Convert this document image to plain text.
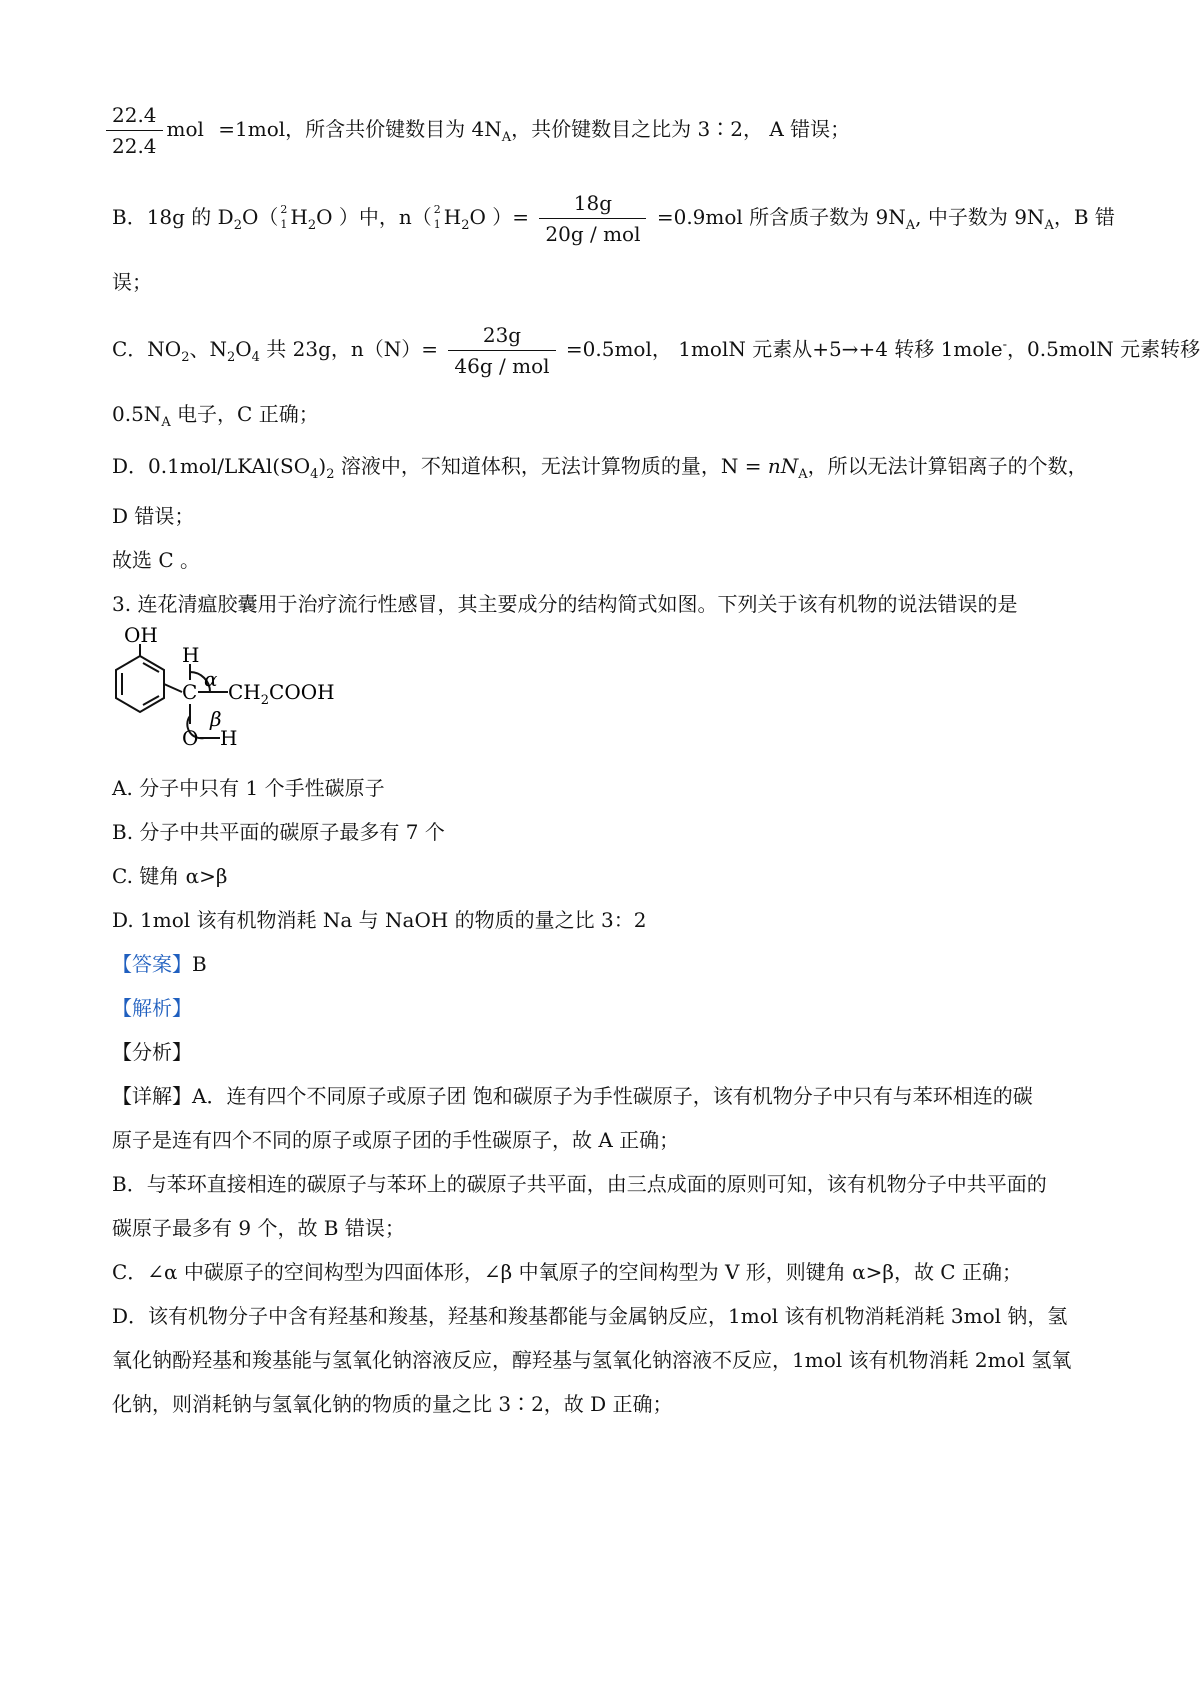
$\frac{22.4}{22.4}$ mol =1mol，所含共价键数目为 $4N_A$，共价键数目之比为 3∶2， A 错误；
B．18g 的 $D_2O$（ 2
1 $H_2O$ ）中，n（ 2
1 $H_2O$ ）= $\frac{18g}{\text{20g / mol}} =0.9mol$ 所含质子数为 $9N_A$, 中子数为 $9N_A$，B 错
误；
C．$NO_2$、$N_2O_4$ 共 23g，$n(N)= \frac{23g}{\text{46g / mol}} =0.5mol$， 1molN 元素从+5→+4 转移 1mole-，0.5molN 元素转移
$0.5N_A$ 电子，C 正确；
D．$0.1mol/LKAl(SO_4)_2$ 溶液中，不知道体积，无法计算物质的量，$N = nN_A$，所以无法计算铝离子的个数，
D 错误；
故选 C 。
3. 连花清瘟胶囊用于治疗流行性感冒，其主要成分的结构简式如图。下列关于该有机物的说法错误的是
OH
H
α
C $CH_2COOH$
β
O H
A. 分子中只有 1 个手性碳原子
B. 分子中共平面的碳原子最多有 7 个
C. 键角 α>β
D. 1mol 该有机物消耗 Na 与 NaOH 的物质的量之比 3：2
【答案】B
【解析】
【分析】
【详解】A．连有四个不同原子或原子团 饱和碳原子为手性碳原子，该有机物分子中只有与苯环相连的碳
原子是连有四个不同的原子或原子团的手性碳原子，故 A 正确；
B．与苯环直接相连的碳原子与苯环上的碳原子共平面，由三点成面的原则可知，该有机物分子中共平面的
碳原子最多有 9 个，故 B 错误；
C．∠α 中碳原子的空间构型为四面体形，∠β 中氧原子的空间构型为 V 形，则键角 α>β，故 C 正确；
D．该有机物分子中含有羟基和羧基，羟基和羧基都能与金属钠反应，1mol 该有机物消耗消耗 3mol 钠，氢
氧化钠酚羟基和羧基能与氢氧化钠溶液反应，醇羟基与氢氧化钠溶液不反应，1mol 该有机物消耗 2mol 氢氧
化钠，则消耗钠与氢氧化钠的物质的量之比 3∶2，故 D 正确；
